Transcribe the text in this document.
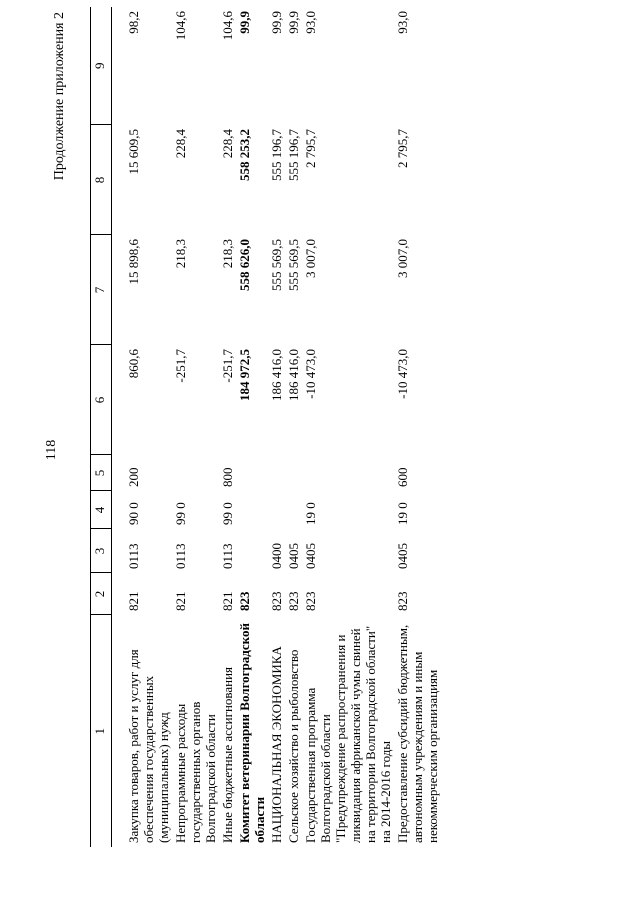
118
Продолжение приложения 2
1	2	3	4	5	6	7	8	9
Закупка товаров, работ и услуг для обеспечения государственных (муниципальных) нужд	821	0113	90 0	200	860,6	15 898,6	15 609,5	98,2
Непрограммные расходы государственных органов Волгоградской области	821	0113	99 0		-251,7	218,3	228,4	104,6
Иные бюджетные ассигнования	821	0113	99 0	800	-251,7	218,3	228,4	104,6
Комитет ветеринарии Волгоградской области	823				184 972,5	558 626,0	558 253,2	99,9
НАЦИОНАЛЬНАЯ ЭКОНОМИКА	823	0400			186 416,0	555 569,5	555 196,7	99,9
Сельское хозяйство и рыболовство	823	0405			186 416,0	555 569,5	555 196,7	99,9
Государственная программа Волгоградской области "Предупреждение распространения и ликвидация африканской чумы свиней на территории Волгоградской области" на 2014-2016 годы	823	0405	19 0		-10 473,0	3 007,0	2 795,7	93,0
Предоставление субсидий бюджетным, автономным учреждениям и иным некоммерческим организациям	823	0405	19 0	600	-10 473,0	3 007,0	2 795,7	93,0
